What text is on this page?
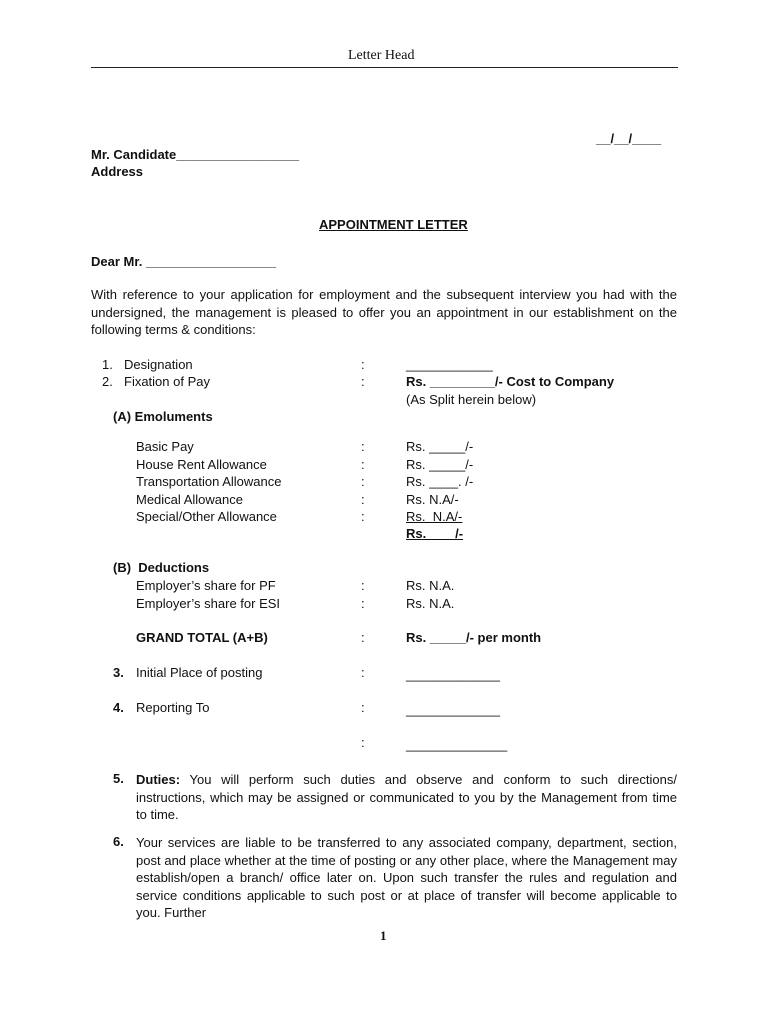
Letter Head
__/__/____
Mr. Candidate_________________
Address
APPOINTMENT LETTER
Dear Mr. __________________
With reference to your application for employment and the subsequent interview you had with the undersigned, the management is pleased to offer you an appointment in our establishment on the following terms & conditions:
1. Designation	:	____________
2. Fixation of Pay	:	Rs. _________/- Cost to Company
(As Split herein below)
(A) Emoluments
Basic Pay	:	Rs. _____/-
House Rent Allowance	:	Rs. _____/-
Transportation Allowance	:	Rs. ____. /-
Medical Allowance	:	Rs. N.A/-
Special/Other Allowance	:	Rs.  N.A/-
Rs.        /-
(B)  Deductions
Employer’s share for PF	:	Rs. N.A.
Employer’s share for ESI	:	Rs. N.A.
GRAND TOTAL (A+B)	:	Rs. _____/- per month
3. Initial Place of posting	:	_____________
4. Reporting To	:	_____________
:	______________
5. Duties: You will perform such duties and observe and conform to such directions/ instructions, which may be assigned or communicated to you by the Management from time to time.
6. Your services are liable to be transferred to any associated company, department, section, post and place whether at the time of posting or any other place, where the Management may establish/open a branch/ office later on. Upon such transfer the rules and regulation and service conditions applicable to such post or at place of transfer will become applicable to you. Further
1
